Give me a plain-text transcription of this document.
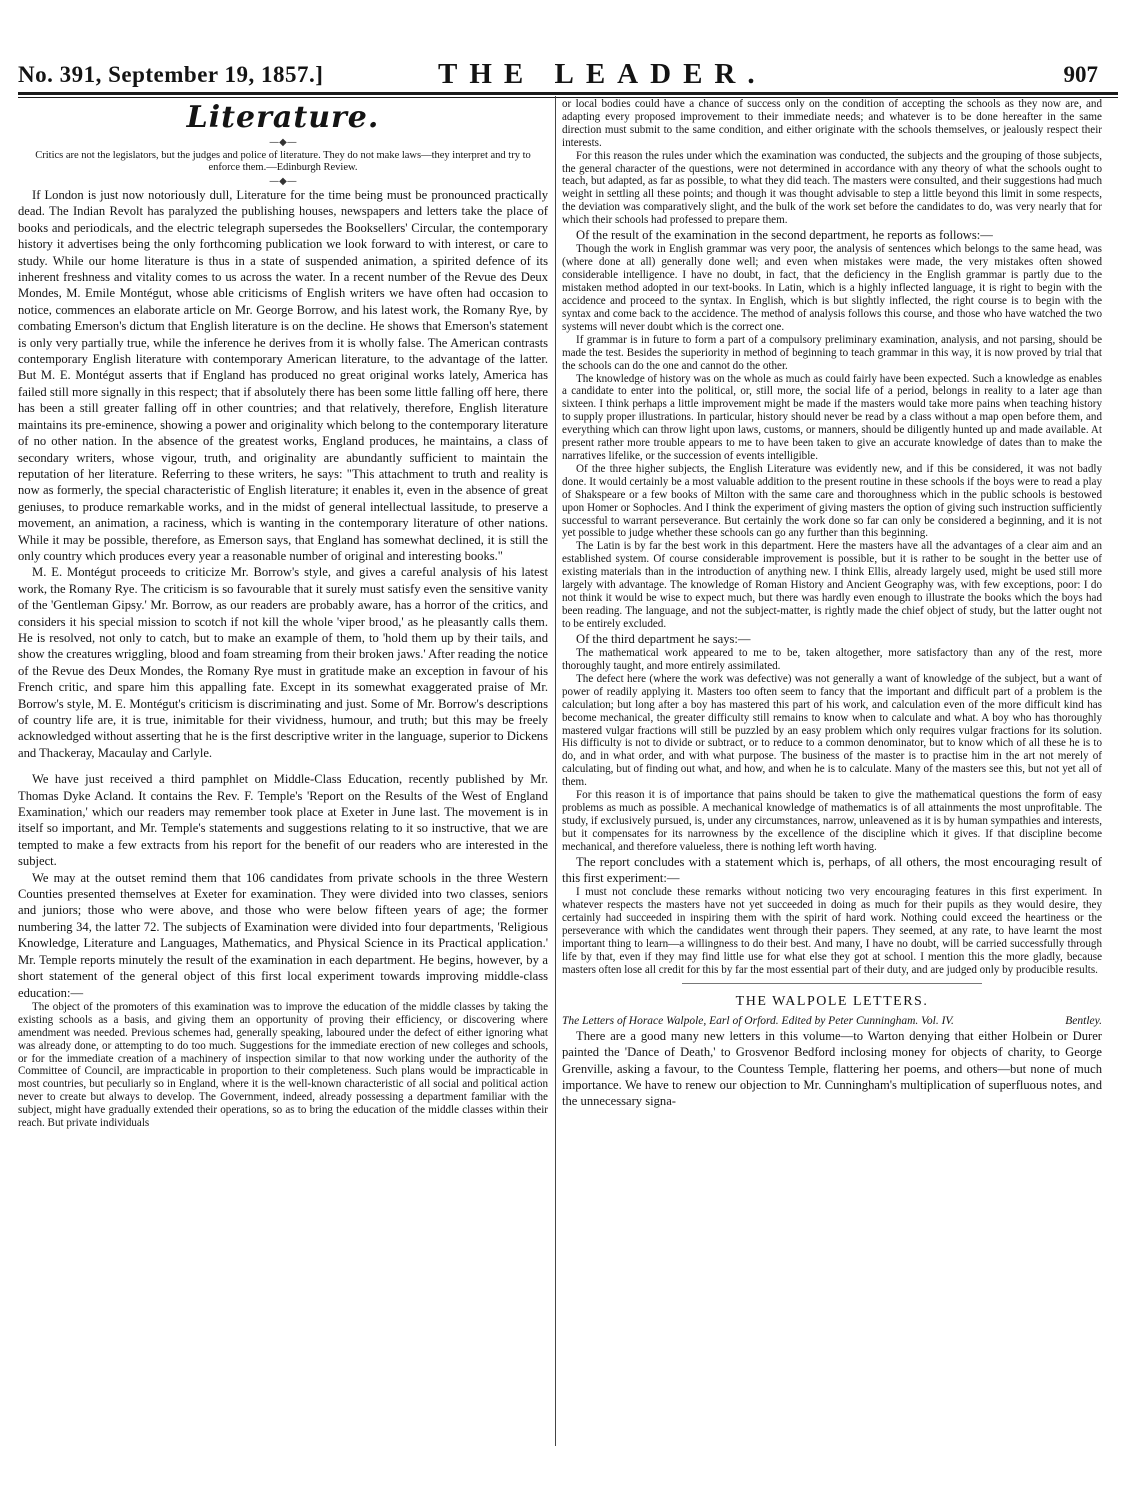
No. 391, September 19, 1857.]	THE LEADER.	907
Literature.
—◆—
Critics are not the legislators, but the judges and police of literature. They do not make laws—they interpret and try to enforce them.—Edinburgh Review.
—◆—

If London is just now notoriously dull, Literature for the time being must be pronounced practically dead. The Indian Revolt has paralyzed the publishing houses, newspapers and letters take the place of books and periodicals, and the electric telegraph supersedes the Booksellers' Circular, the contemporary history it advertises being the only forthcoming publication we look forward to with interest, or care to study. While our home literature is thus in a state of suspended animation, a spirited defence of its inherent freshness and vitality comes to us across the water. In a recent number of the Revue des Deux Mondes, M. Emile Montégut, whose able criticisms of English writers we have often had occasion to notice, commences an elaborate article on Mr. George Borrow, and his latest work, the Romany Rye, by combating Emerson's dictum that English literature is on the decline. He shows that Emerson's statement is only very partially true, while the inference he derives from it is wholly false. The American contrasts contemporary English literature with contemporary American literature, to the advantage of the latter. But M. E. Montégut asserts that if England has produced no great original works lately, America has failed still more signally in this respect; that if absolutely there has been some little falling off here, there has been a still greater falling off in other countries; and that relatively, therefore, English literature maintains its pre-eminence, showing a power and originality which belong to the contemporary literature of no other nation. In the absence of the greatest works, England produces, he maintains, a class of secondary writers, whose vigour, truth, and originality are abundantly sufficient to maintain the reputation of her literature. Referring to these writers, he says: "This attachment to truth and reality is now as formerly, the special characteristic of English literature; it enables it, even in the absence of great geniuses, to produce remarkable works, and in the midst of general intellectual lassitude, to preserve a movement, an animation, a raciness, which is wanting in the contemporary literature of other nations. While it may be possible, therefore, as Emerson says, that England has somewhat declined, it is still the only country which produces every year a reasonable number of original and interesting books."

M. E. Montégut proceeds to criticize Mr. Borrow's style, and gives a careful analysis of his latest work, the Romany Rye. The criticism is so favourable that it surely must satisfy even the sensitive vanity of the 'Gentleman Gipsy.' Mr. Borrow, as our readers are probably aware, has a horror of the critics, and considers it his special mission to scotch if not kill the whole 'viper brood,' as he pleasantly calls them. He is resolved, not only to catch, but to make an example of them, to 'hold them up by their tails, and show the creatures wriggling, blood and foam streaming from their broken jaws.' After reading the notice of the Revue des Deux Mondes, the Romany Rye must in gratitude make an exception in favour of his French critic, and spare him this appalling fate. Except in its somewhat exaggerated praise of Mr. Borrow's style, M. E. Montégut's criticism is discriminating and just. Some of Mr. Borrow's descriptions of country life are, it is true, inimitable for their vividness, humour, and truth; but this may be freely acknowledged without asserting that he is the first descriptive writer in the language, superior to Dickens and Thackeray, Macaulay and Carlyle.

We have just received a third pamphlet on Middle-Class Education, recently published by Mr. Thomas Dyke Acland. It contains the Rev. F. Temple's 'Report on the Results of the West of England Examination,' which our readers may remember took place at Exeter in June last. The movement is in itself so important, and Mr. Temple's statements and suggestions relating to it so instructive, that we are tempted to make a few extracts from his report for the benefit of our readers who are interested in the subject.

We may at the outset remind them that 106 candidates from private schools in the three Western Counties presented themselves at Exeter for examination. They were divided into two classes, seniors and juniors; those who were above, and those who were below fifteen years of age; the former numbering 34, the latter 72. The subjects of Examination were divided into four departments, 'Religious Knowledge, Literature and Languages, Mathematics, and Physical Science in its Practical application.' Mr. Temple reports minutely the result of the examination in each department. He begins, however, by a short statement of the general object of this first local experiment towards improving middle-class education:—

The object of the promoters of this examination was to improve the education of the middle classes by taking the existing schools as a basis, and giving them an opportunity of proving their efficiency, or discovering where amendment was needed. Previous schemes had, generally speaking, laboured under the defect of either ignoring what was already done, or attempting to do too much. Suggestions for the immediate erection of new colleges and schools, or for the immediate creation of a machinery of inspection similar to that now working under the authority of the Committee of Council, are impracticable in proportion to their completeness. Such plans would be impracticable in most countries, but peculiarly so in England, where it is the well-known characteristic of all social and political action never to create but always to develop. The Government, indeed, already possessing a department familiar with the subject, might have gradually extended their operations, so as to bring the education of the middle classes within their reach. But private individuals

or local bodies could have a chance of success only on the condition of accepting the schools as they now are, and adapting every proposed improvement to their immediate needs; and whatever is to be done hereafter in the same direction must submit to the same condition, and either originate with the schools themselves, or jealously respect their interests.

For this reason the rules under which the examination was conducted, the subjects and the grouping of those subjects, the general character of the questions, were not determined in accordance with any theory of what the schools ought to teach, but adapted, as far as possible, to what they did teach. The masters were consulted, and their suggestions had much weight in settling all these points; and though it was thought advisable to step a little beyond this limit in some respects, the deviation was comparatively slight, and the bulk of the work set before the candidates to do, was very nearly that for which their schools had professed to prepare them.

Of the result of the examination in the second department, he reports as follows:—

Though the work in English grammar was very poor, the analysis of sentences which belongs to the same head, was (where done at all) generally done well; and even when mistakes were made, the very mistakes often showed considerable intelligence. I have no doubt, in fact, that the deficiency in the English grammar is partly due to the mistaken method adopted in our text-books. In Latin, which is a highly inflected language, it is right to begin with the accidence and proceed to the syntax. In English, which is but slightly inflected, the right course is to begin with the syntax and come back to the accidence. The method of analysis follows this course, and those who have watched the two systems will never doubt which is the correct one.

If grammar is in future to form a part of a compulsory preliminary examination, analysis, and not parsing, should be made the test. Besides the superiority in method of beginning to teach grammar in this way, it is now proved by trial that the schools can do the one and cannot do the other.

The knowledge of history was on the whole as much as could fairly have been expected. Such a knowledge as enables a candidate to enter into the political, or, still more, the social life of a period, belongs in reality to a later age than sixteen. I think perhaps a little improvement might be made if the masters would take more pains when teaching history to supply proper illustrations. In particular, history should never be read by a class without a map open before them, and everything which can throw light upon laws, customs, or manners, should be diligently hunted up and made available. At present rather more trouble appears to me to have been taken to give an accurate knowledge of dates than to make the narratives lifelike, or the succession of events intelligible.

Of the three higher subjects, the English Literature was evidently new, and if this be considered, it was not badly done. It would certainly be a most valuable addition to the present routine in these schools if the boys were to read a play of Shakspeare or a few books of Milton with the same care and thoroughness which in the public schools is bestowed upon Homer or Sophocles. And I think the experiment of giving masters the option of giving such instruction sufficiently successful to warrant perseverance. But certainly the work done so far can only be considered a beginning, and it is not yet possible to judge whether these schools can go any further than this beginning.

The Latin is by far the best work in this department. Here the masters have all the advantages of a clear aim and an established system. Of course considerable improvement is possible, but it is rather to be sought in the better use of existing materials than in the introduction of anything new. I think Ellis, already largely used, might be used still more largely with advantage. The knowledge of Roman History and Ancient Geography was, with few exceptions, poor: I do not think it would be wise to expect much, but there was hardly even enough to illustrate the books which the boys had been reading. The language, and not the subject-matter, is rightly made the chief object of study, but the latter ought not to be entirely excluded.

Of the third department he says:—

The mathematical work appeared to me to be, taken altogether, more satisfactory than any of the rest, more thoroughly taught, and more entirely assimilated.

The defect here (where the work was defective) was not generally a want of knowledge of the subject, but a want of power of readily applying it. Masters too often seem to fancy that the important and difficult part of a problem is the calculation; but long after a boy has mastered this part of his work, and calculation even of the more difficult kind has become mechanical, the greater difficulty still remains to know when to calculate and what. A boy who has thoroughly mastered vulgar fractions will still be puzzled by an easy problem which only requires vulgar fractions for its solution. His difficulty is not to divide or subtract, or to reduce to a common denominator, but to know which of all these he is to do, and in what order, and with what purpose. The business of the master is to practise him in the art not merely of calculating, but of finding out what, and how, and when he is to calculate. Many of the masters see this, but not yet all of them.

For this reason it is of importance that pains should be taken to give the mathematical questions the form of easy problems as much as possible. A mechanical knowledge of mathematics is of all attainments the most unprofitable. The study, if exclusively pursued, is, under any circumstances, narrow, unleavened as it is by human sympathies and interests, but it compensates for its narrowness by the excellence of the discipline which it gives. If that discipline become mechanical, and therefore valueless, there is nothing left worth having.

The report concludes with a statement which is, perhaps, of all others, the most encouraging result of this first experiment:—

I must not conclude these remarks without noticing two very encouraging features in this first experiment. In whatever respects the masters have not yet succeeded in doing as much for their pupils as they would desire, they certainly had succeeded in inspiring them with the spirit of hard work. Nothing could exceed the heartiness or the perseverance with which the candidates went through their papers. They seemed, at any rate, to have learnt the most important thing to learn—a willingness to do their best. And many, I have no doubt, will be carried successfully through life by that, even if they may find little use for what else they got at school. I mention this the more gladly, because masters often lose all credit for this by far the most essential part of their duty, and are judged only by producible results.

THE WALPOLE LETTERS.

The Letters of Horace Walpole, Earl of Orford. Edited by Peter Cunningham. Vol. IV.	Bentley.

There are a good many new letters in this volume—to Warton denying that either Holbein or Durer painted the 'Dance of Death,' to Grosvenor Bedford inclosing money for objects of charity, to George Grenville, asking a favour, to the Countess Temple, flattering her poems, and others—but none of much importance. We have to renew our objection to Mr. Cunningham's multiplication of superfluous notes, and the unnecessary signa-
